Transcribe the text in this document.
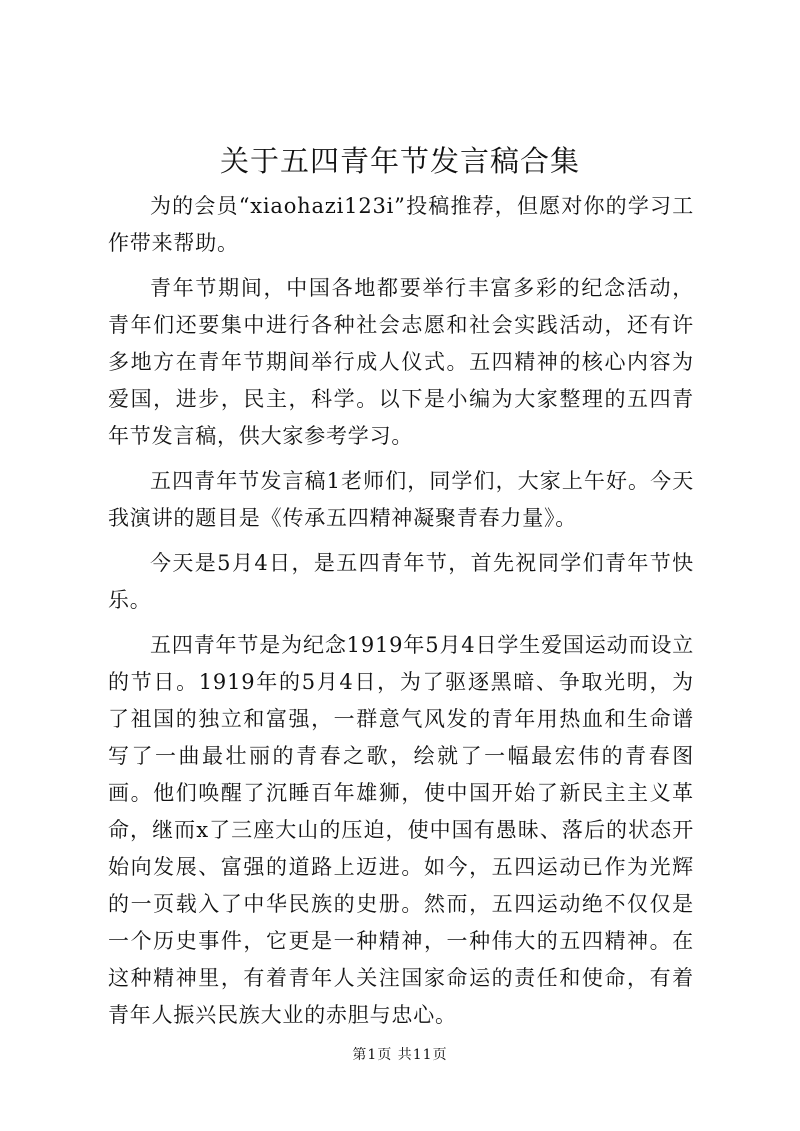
关于五四青年节发言稿合集

为的会员“xiaohazi123i”投稿推荐，但愿对你的学习工作带来帮助。

青年节期间，中国各地都要举行丰富多彩的纪念活动，青年们还要集中进行各种社会志愿和社会实践活动，还有许多地方在青年节期间举行成人仪式。五四精神的核心内容为爱国，进步，民主，科学。以下是小编为大家整理的五四青年节发言稿，供大家参考学习。

五四青年节发言稿1老师们，同学们，大家上午好。今天我演讲的题目是《传承五四精神凝聚青春力量》。

今天是5月4日，是五四青年节，首先祝同学们青年节快乐。

五四青年节是为纪念1919年5月4日学生爱国运动而设立的节日。1919年的5月4日，为了驱逐黑暗、争取光明，为了祖国的独立和富强，一群意气风发的青年用热血和生命谱写了一曲最壮丽的青春之歌，绘就了一幅最宏伟的青春图画。他们唤醒了沉睡百年雄狮，使中国开始了新民主主义革命，继而x了三座大山的压迫，使中国有愚昧、落后的状态开始向发展、富强的道路上迈进。如今，五四运动已作为光辉的一页载入了中华民族的史册。然而，五四运动绝不仅仅是一个历史事件，它更是一种精神，一种伟大的五四精神。在这种精神里，有着青年人关注国家命运的责任和使命，有着青年人振兴民族大业的赤胆与忠心。

第1页 共11页
